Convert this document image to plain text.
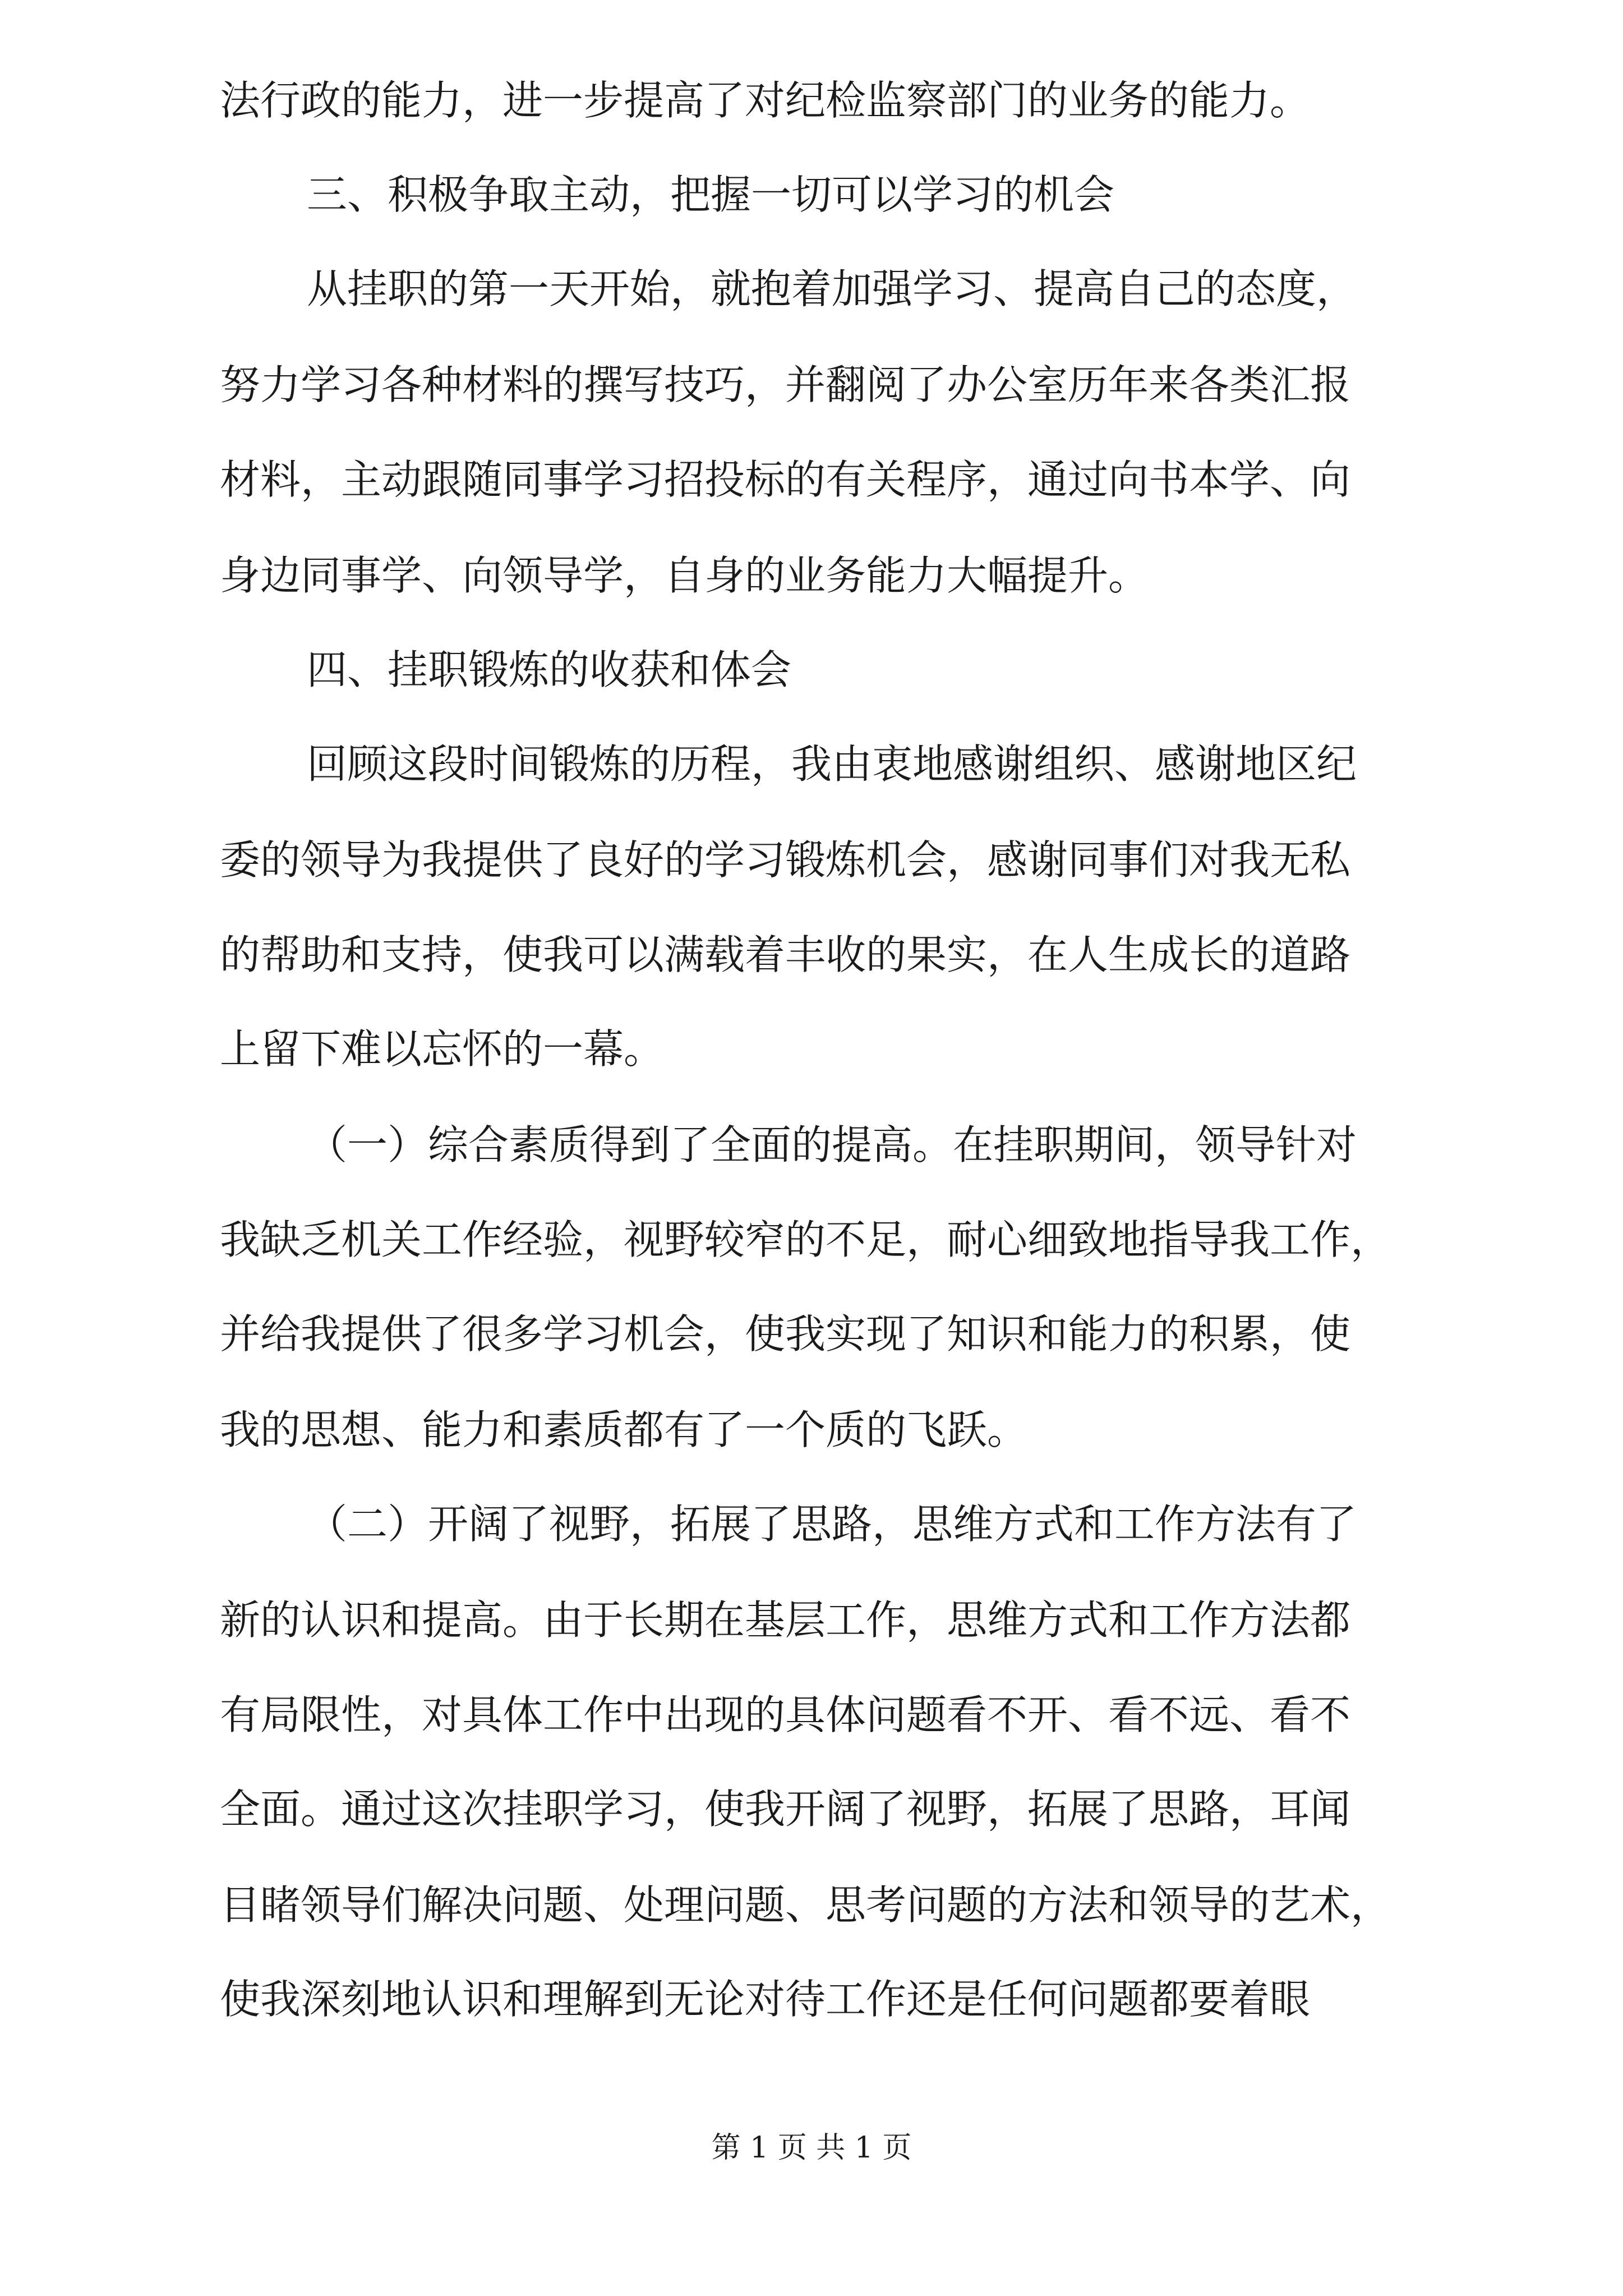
法行政的能力，进一步提高了对纪检监察部门的业务的能力。
三、积极争取主动，把握一切可以学习的机会
从挂职的第一天开始，就抱着加强学习、提高自己的态度，
努力学习各种材料的撰写技巧，并翻阅了办公室历年来各类汇报
材料，主动跟随同事学习招投标的有关程序，通过向书本学、向
身边同事学、向领导学，自身的业务能力大幅提升。
四、挂职锻炼的收获和体会
回顾这段时间锻炼的历程，我由衷地感谢组织、感谢地区纪
委的领导为我提供了良好的学习锻炼机会，感谢同事们对我无私
的帮助和支持，使我可以满载着丰收的果实，在人生成长的道路
上留下难以忘怀的一幕。
（一）综合素质得到了全面的提高。在挂职期间，领导针对
我缺乏机关工作经验，视野较窄的不足，耐心细致地指导我工作，
并给我提供了很多学习机会，使我实现了知识和能力的积累，使
我的思想、能力和素质都有了一个质的飞跃。
（二）开阔了视野，拓展了思路，思维方式和工作方法有了
新的认识和提高。由于长期在基层工作，思维方式和工作方法都
有局限性，对具体工作中出现的具体问题看不开、看不远、看不
全面。通过这次挂职学习，使我开阔了视野，拓展了思路，耳闻
目睹领导们解决问题、处理问题、思考问题的方法和领导的艺术，
使我深刻地认识和理解到无论对待工作还是任何问题都要着眼
第 1 页 共 1 页
